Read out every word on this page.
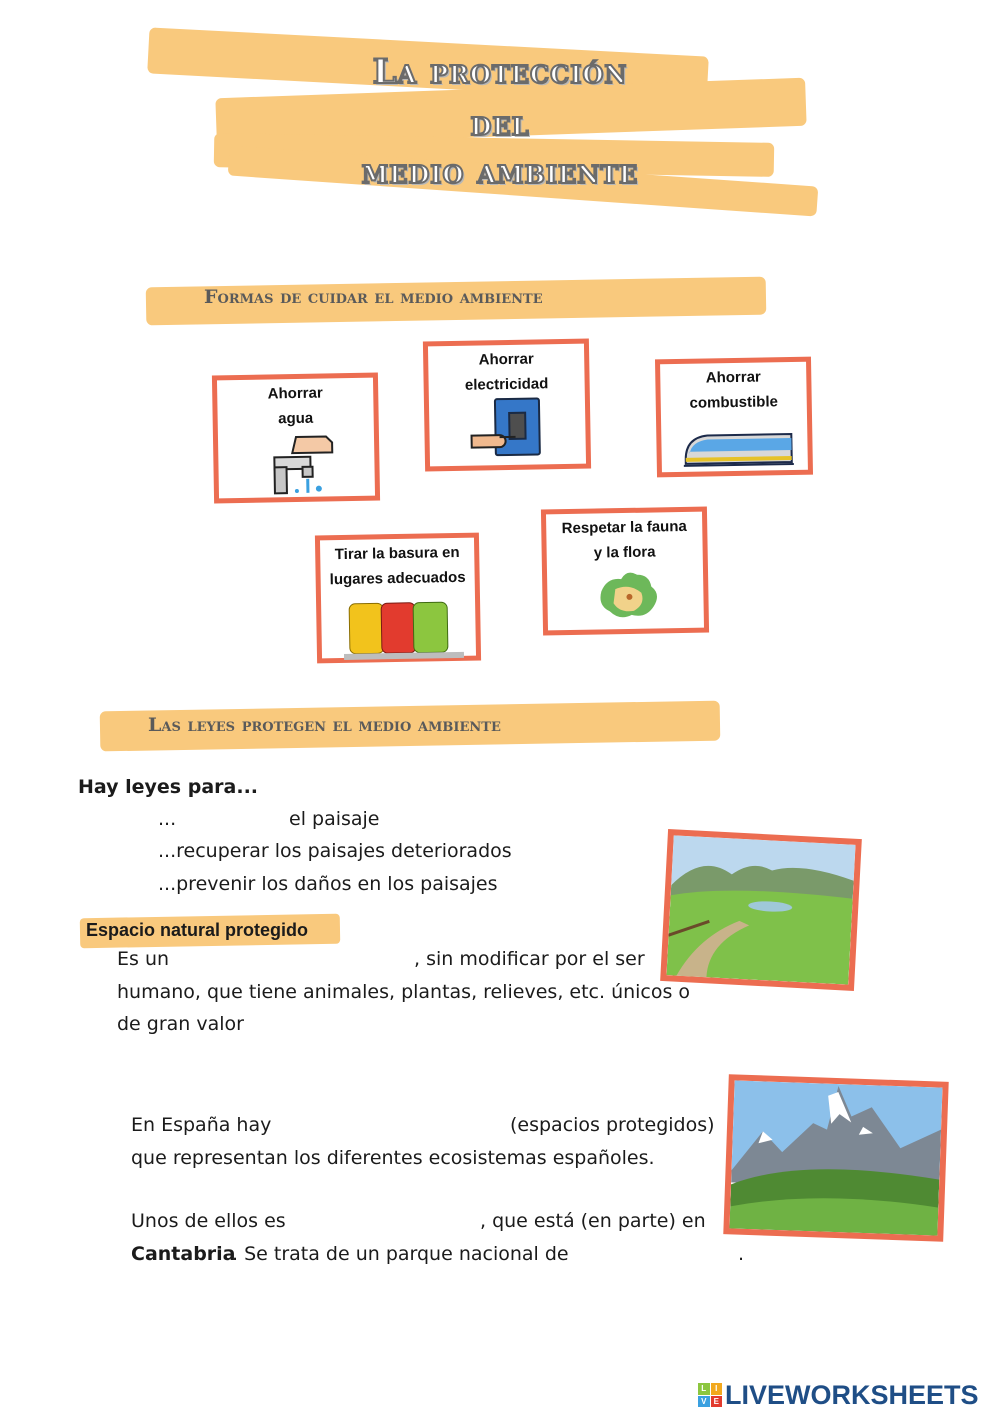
La protección
del
medio ambiente
Formas de cuidar el medio ambiente
Ahorrar
agua
Ahorrar
electricidad	Ahorrar
combustible
Tirar la basura en
lugares adecuados
Respetar la fauna
y la flora
Las leyes protegen el medio ambiente
Hay leyes para...
...	el paisaje
...recuperar los paisajes deteriorados
...prevenir los daños en los paisajes
Espacio natural protegido
Es un	, sin modificar por el ser
humano, que tiene animales, plantas, relieves, etc. únicos o
de gran valor
En España hay	(espacios protegidos)
que representan los diferentes ecosistemas españoles.
Unos de ellos es	, que está (en parte) en
Cantabria
. Se trata de un parque nacional de	.
L	I
V E LIVEWORKSHEETS
